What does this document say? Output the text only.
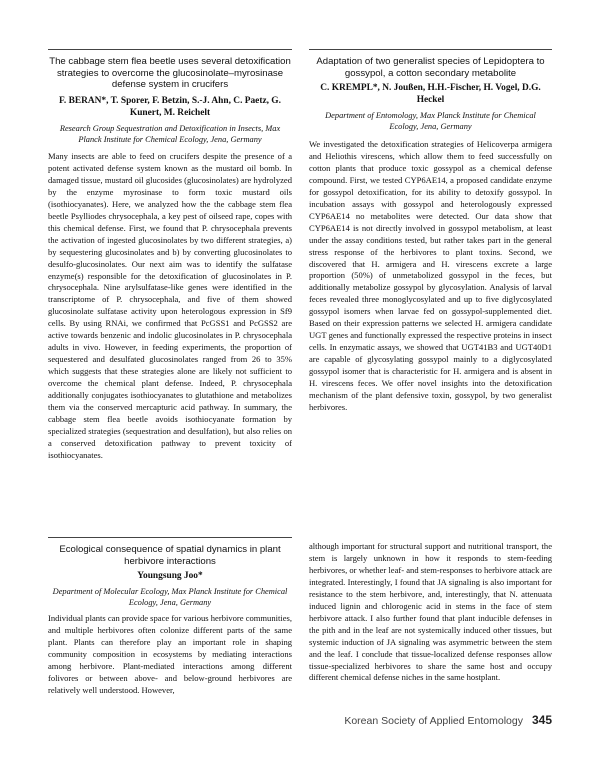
The cabbage stem flea beetle uses several detoxification strategies to overcome the glucosinolate–myrosinase defense system in crucifers
F. BERAN*, T. Sporer, F. Betzin, S.-J. Ahn, C. Paetz, G. Kunert, M. Reichelt
Research Group Sequestration and Detoxification in Insects, Max Planck Institute for Chemical Ecology, Jena, Germany
Many insects are able to feed on crucifers despite the presence of a potent activated defense system known as the mustard oil bomb. In damaged tissue, mustard oil glucosides (glucosinolates) are hydrolyzed by the enzyme myrosinase to form toxic mustard oils (isothiocyanates). Here, we analyzed how the the cabbage stem flea beetle Psylliodes chrysocephala, a key pest of oilseed rape, copes with this chemical defense. First, we found that P. chrysocephala prevents the activation of ingested glucosinolates by two different strategies, a) by sequestering glucosinolates and b) by converting glucosinolates to desulfo-glucosinolates. Our next aim was to identify the sulfatase enzyme(s) responsible for the detoxification of glucosinolates in P. chrysocephala. Nine arylsulfatase-like genes were identified in the transcriptome of P. chrysocephala, and five of them showed glucosinolate sulfatase activity upon heterologous expression in Sf9 cells. By using RNAi, we confirmed that PcGSS1 and PcGSS2 are active towards benzenic and indolic glucosinolates in P. chrysocephala adults in vivo. However, in feeding experiments, the proportion of sequestered and desulfated glucosinolates ranged from 26 to 35% which suggests that these strategies alone are likely not sufficient to overcome the chemical plant defense. Indeed, P. chrysocephala additionally conjugates isothiocyanates to glutathione and metabolizes them via the conserved mercapturic acid pathway. In summary, the cabbage stem flea beetle avoids isothiocyanate formation by specialized strategies (sequestration and desulfation), but also relies on a conserved detoxification pathway to prevent toxicity of isothiocyanates.
Adaptation of two generalist species of Lepidoptera to gossypol, a cotton secondary metabolite
C. KREMPL*, N. Joußen, H.H.-Fischer, H. Vogel, D.G. Heckel
Department of Entomology, Max Planck Institute for Chemical Ecology, Jena, Germany
We investigated the detoxification strategies of Helicoverpa armigera and Heliothis virescens, which allow them to feed successfully on cotton plants that produce toxic gossypol as a chemical defense compound. First, we tested CYP6AE14, a proposed candidate enzyme for gossypol detoxification, for its ability to detoxify gossypol. In incubation assays with gossypol and heterologously expressed CYP6AE14 no metabolites were detected. Our data show that CYP6AE14 is not directly involved in gossypol metabolism, at least under the assay conditions tested, but rather takes part in the general stress response of the herbivores to plant toxins. Second, we discovered that H. armigera and H. virescens excrete a large proportion (50%) of unmetabolized gossypol in the feces, but additionally metabolize gossypol by glycosylation. Analysis of larval feces revealed three monoglycosylated and up to five diglycosylated gossypol isomers when larvae fed on gossypol-supplemented diet. Based on their expression patterns we selected H. armigera candidate UGT genes and functionally expressed the respective proteins in insect cells. In enzymatic assays, we showed that UGT41B3 and UGT40D1 are capable of glycosylating gossypol mainly to a diglycosylated gossypol isomer that is characteristic for H. armigera and is absent in H. virescens feces. We offer novel insights into the detoxification mechanism of the plant defensive toxin, gossypol, by two generalist herbivores.
Ecological consequence of spatial dynamics in plant herbivore interactions
Youngsung Joo*
Department of Molecular Ecology, Max Planck Institute for Chemical Ecology, Jena, Germany
Individual plants can provide space for various herbivore communities, and multiple herbivores often colonize different parts of the same plant. Plants can therefore play an important role in shaping community composition in ecosystems by mediating interactions among herbivore. Plant-mediated interactions among different folivores or between above- and below-ground herbivores are relatively well understood. However,
although important for structural support and nutritional transport, the stem is largely unknown in how it responds to stem-feeding herbivores, or whether leaf- and stem-responses to herbivore attack are integrated. Interestingly, I found that JA signaling is also important for resistance to the stem herbivore, and, interestingly, that N. attenuata induced lignin and chlorogenic acid in stems in the face of stem herbivore attack. I also further found that plant inducible defenses in the pith and in the leaf are not systemically induced other tissues, but systemic induction of JA signaling was asymmetric between the stem and the leaf. I conclude that tissue-localized defense responses allow tissue-specialized herbivores to share the same host and occupy different chemical defense niches in the same hostplant.
Korean Society of Applied Entomology 345
